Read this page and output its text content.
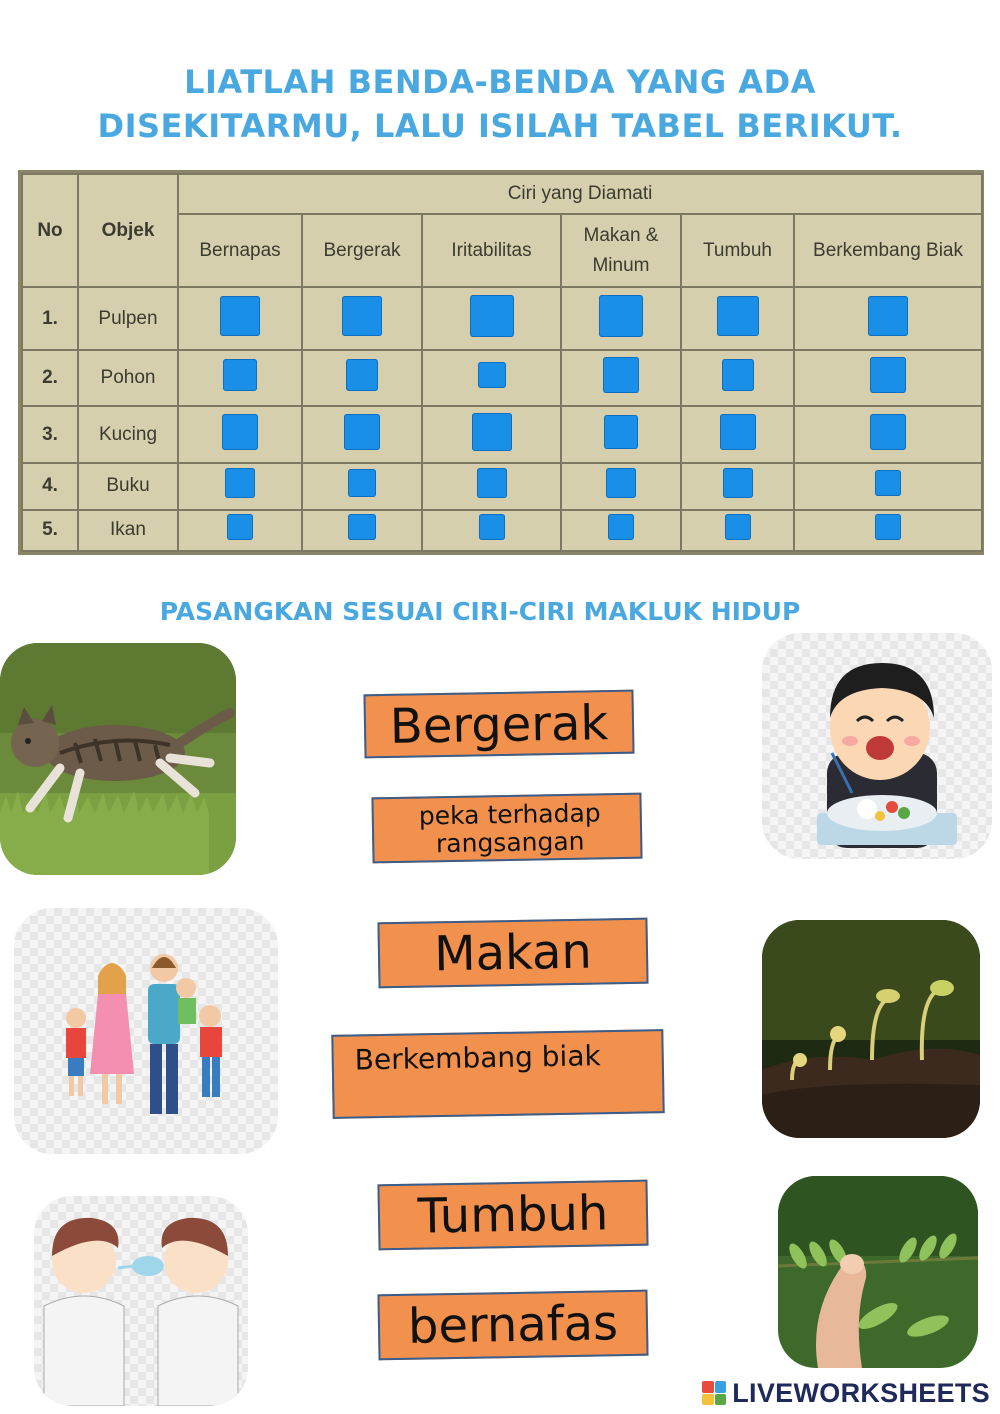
LIATLAH BENDA-BENDA YANG ADA
DISEKITARMU, LALU ISILAH TABEL BERIKUT.
No	Objek	Ciri yang Diamati					
		Bernapas	Bergerak	Iritabilitas	Makan & Minum	Tumbuh	Berkembang Biak
1.	Pulpen						
2.	Pohon						
3.	Kucing						
4.	Buku						
5.	Ikan						
PASANGKAN SESUAI CIRI-CIRI MAKLUK HIDUP
Bergerak
peka terhadap rangsangan
Makan
Berkembang biak
Tumbuh
bernafas
LIVEWORKSHEETS
